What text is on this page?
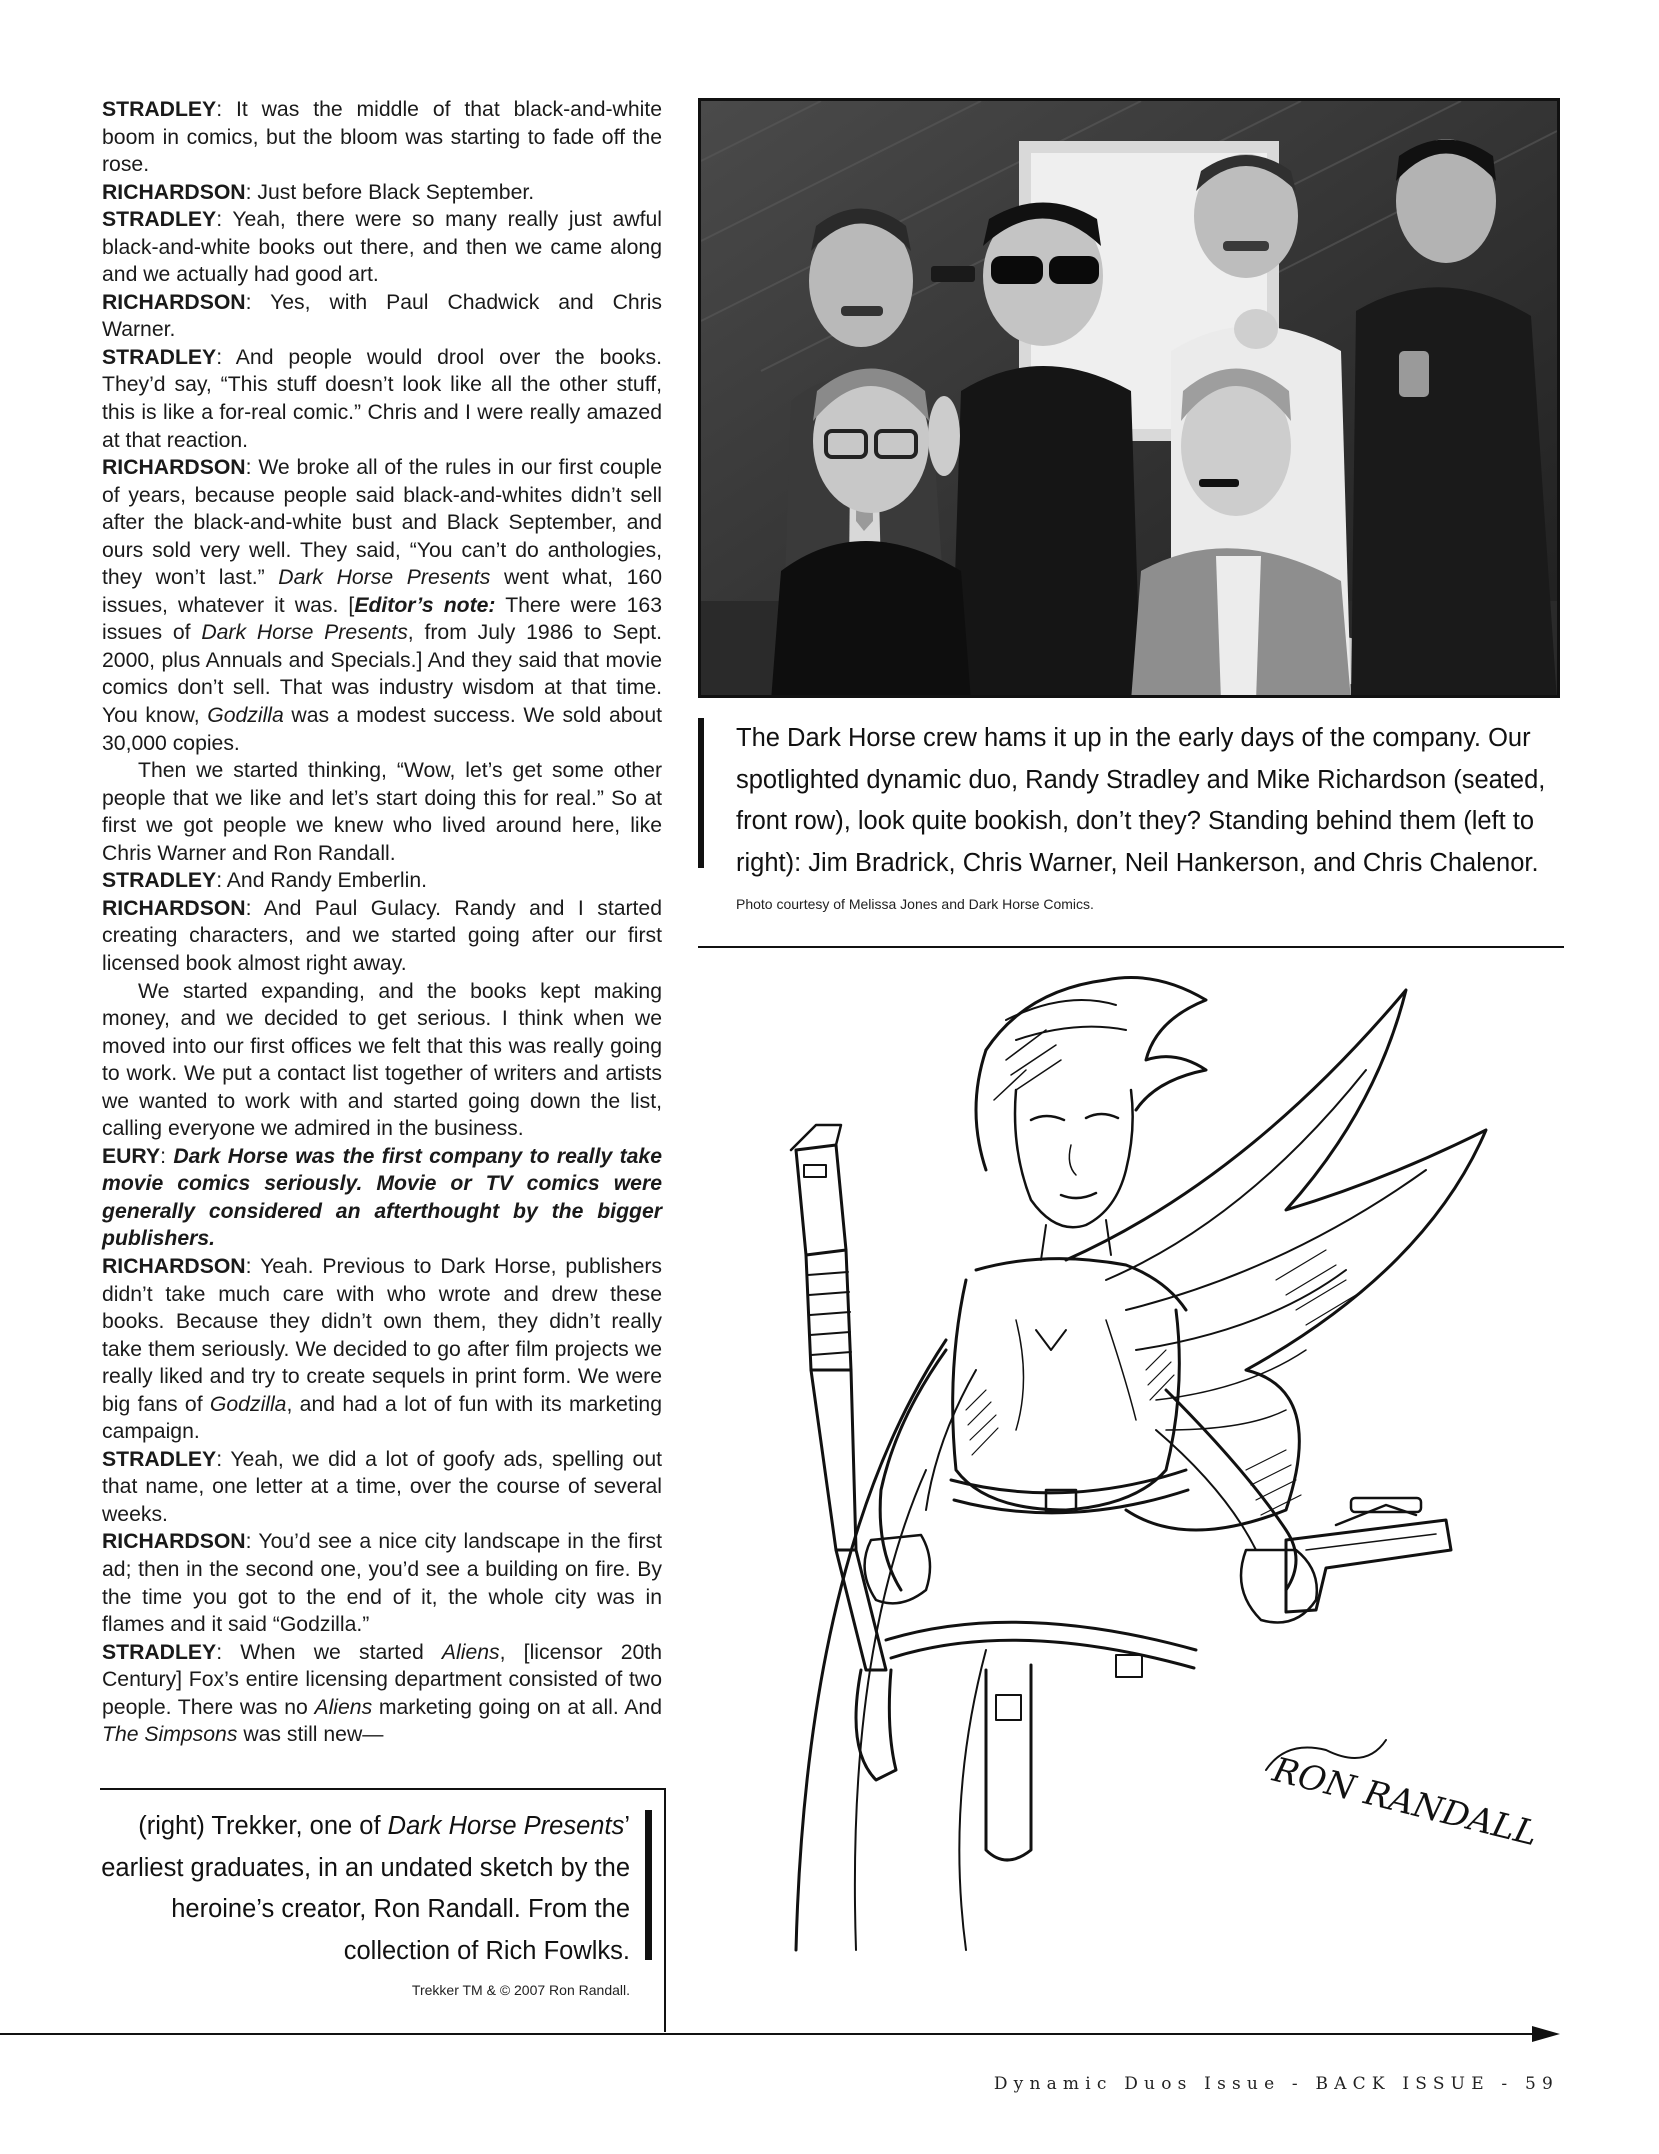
STRADLEY: It was the middle of that black-and-white boom in comics, but the bloom was starting to fade off the rose.

RICHARDSON: Just before Black September.

STRADLEY: Yeah, there were so many really just awful black-and-white books out there, and then we came along and we actually had good art.

RICHARDSON: Yes, with Paul Chadwick and Chris Warner.

STRADLEY: And people would drool over the books. They’d say, “This stuff doesn’t look like all the other stuff, this is like a for-real comic.” Chris and I were really amazed at that reaction.

RICHARDSON: We broke all of the rules in our first couple of years, because people said black-and-whites didn’t sell after the black-and-white bust and Black September, and ours sold very well. They said, “You can’t do anthologies, they won’t last.” Dark Horse Presents went what, 160 issues, whatever it was. [Editor’s note: There were 163 issues of Dark Horse Presents, from July 1986 to Sept. 2000, plus Annuals and Specials.] And they said that movie comics don’t sell. That was industry wisdom at that time. You know, Godzilla was a modest success. We sold about 30,000 copies.

Then we started thinking, “Wow, let’s get some other people that we like and let’s start doing this for real.” So at first we got people we knew who lived around here, like Chris Warner and Ron Randall.

STRADLEY: And Randy Emberlin.

RICHARDSON: And Paul Gulacy. Randy and I started creating characters, and we started going after our first licensed book almost right away.

We started expanding, and the books kept making money, and we decided to get serious. I think when we moved into our first offices we felt that this was really going to work. We put a contact list together of writers and artists we wanted to work with and started going down the list, calling everyone we admired in the business.

EURY: Dark Horse was the first company to really take movie comics seriously. Movie or TV comics were generally considered an afterthought by the bigger publishers.

RICHARDSON: Yeah. Previous to Dark Horse, publishers didn’t take much care with who wrote and drew these books. Because they didn’t own them, they didn’t really take them seriously. We decided to go after film projects we really liked and try to create sequels in print form. We were big fans of Godzilla, and had a lot of fun with its marketing campaign.

STRADLEY: Yeah, we did a lot of goofy ads, spelling out that name, one letter at a time, over the course of several weeks.

RICHARDSON: You’d see a nice city landscape in the first ad; then in the second one, you’d see a building on fire. By the time you got to the end of it, the whole city was in flames and it said “Godzilla.”

STRADLEY: When we started Aliens, [licensor 20th Century] Fox’s entire licensing department consisted of two people. There was no Aliens marketing going on at all. And The Simpsons was still new—

The Dark Horse crew hams it up in the early days of the company. Our spotlighted dynamic duo, Randy Stradley and Mike Richardson (seated, front row), look quite bookish, don’t they? Standing behind them (left to right): Jim Bradrick, Chris Warner, Neil Hankerson, and Chris Chalenor.
Photo courtesy of Melissa Jones and Dark Horse Comics.
RON RANDALL
(right) Trekker, one of Dark Horse Presents’ earliest graduates, in an undated sketch by the heroine’s creator, Ron Randall. From the collection of Rich Fowlks.
Trekker TM & © 2007 Ron Randall.
Dynamic Duos Issue - BACK ISSUE - 59
